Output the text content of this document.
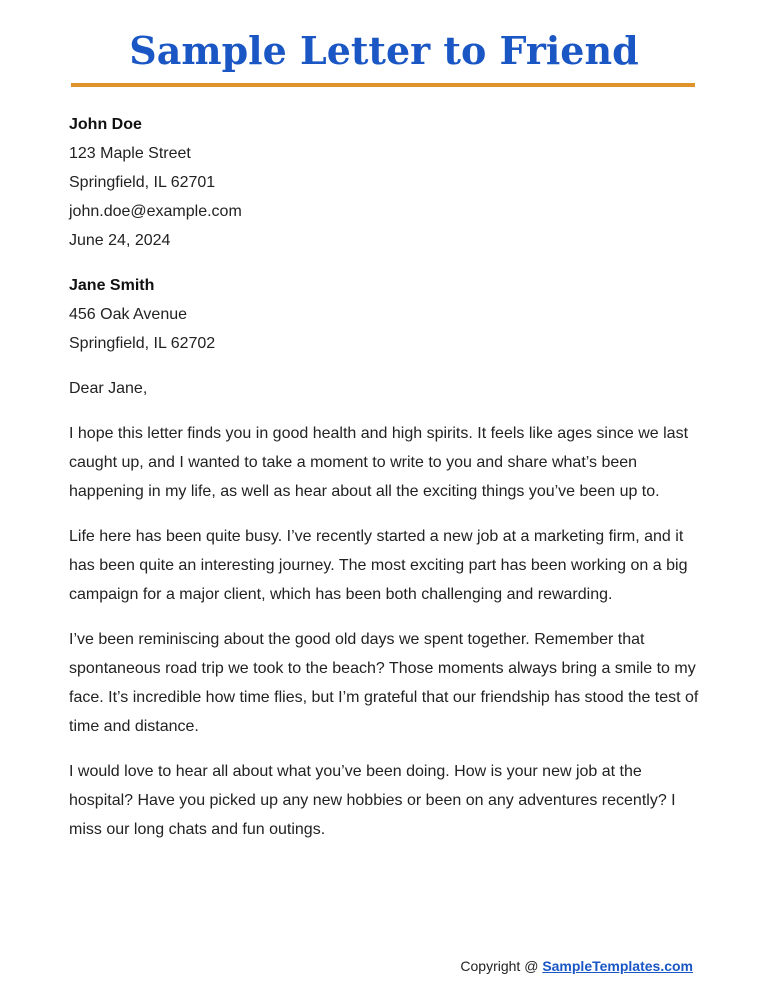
Sample Letter to Friend
John Doe
123 Maple Street
Springfield, IL 62701
john.doe@example.com
June 24, 2024
Jane Smith
456 Oak Avenue
Springfield, IL 62702

Dear Jane,

I hope this letter finds you in good health and high spirits. It feels like ages since we last caught up, and I wanted to take a moment to write to you and share what’s been happening in my life, as well as hear about all the exciting things you’ve been up to.

Life here has been quite busy. I’ve recently started a new job at a marketing firm, and it has been quite an interesting journey. The most exciting part has been working on a big campaign for a major client, which has been both challenging and rewarding.

I’ve been reminiscing about the good old days we spent together. Remember that spontaneous road trip we took to the beach? Those moments always bring a smile to my face. It’s incredible how time flies, but I’m grateful that our friendship has stood the test of time and distance.

I would love to hear all about what you’ve been doing. How is your new job at the hospital? Have you picked up any new hobbies or been on any adventures recently? I miss our long chats and fun outings.

Copyright @ SampleTemplates.com
